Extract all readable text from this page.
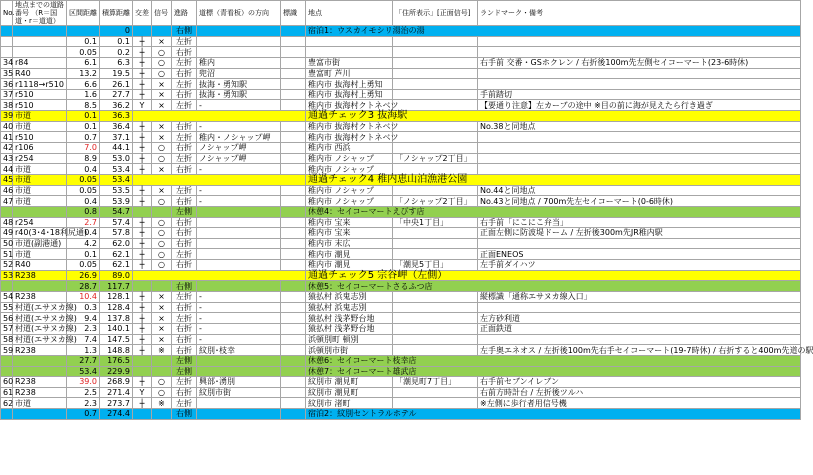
No.	地点までの道路番号 （R＝国道・r＝道道）	区間距離	積算距離	交差	信号	進路	道標（青看板）の方向	標識	地点	「住所表示」[正面信号]	ランドマーク・備考	
			0			右側			宿泊1：ウスカイモシリ湯治の湯			
		0.1	0.1	┼	×	左折						
		0.05	0.2	┼	○	右折						
34	r84	6.1	6.3	┼	○	左折	稚内		豊富市街		右手前 交番・GSホクレン / 右折後100m先左側セイコーマート(23-6時休)	
35	R40	13.2	19.5	┼	○	右折	兜沼		豊富町 芦川			
36	r1118→r510	6.6	26.1	┼	×	左折	抜海・勇知駅		稚内市 抜海村上勇知			
37	r510	1.6	27.7	┼	×	右折	抜海・勇知駅		稚内市 抜海村上勇知		手前踏切	
38	r510	8.5	36.2	Y	×	左折	-		稚内市 抜海村クトネベツ		【要通り注意】左カーブの途中 ※目の前に海が見えたら行き過ぎ	
39	市道	0.1	36.3						通過チェック3 抜海駅	
40	市道	0.1	36.4	┼	×	右折	-		稚内市 抜海村クトネベツ		No.38と同地点	
41	r510	0.7	37.1	┼	×	左折	稚内・ノシャップ岬		稚内市 抜海村クトネベツ			
42	r106	7.0	44.1	┼	○	右折	ノシャップ岬		稚内市 西浜			
43	r254	8.9	53.0	┼	○	左折	ノシャップ岬		稚内市 ノシャップ	「ノシャップ2丁目」		
44	市道	0.4	53.4	┼	×	右折	-		稚内市 ノシャップ			
45	市道	0.05	53.4						通過チェック4 稚内恵山泊漁港公園	
46	市道	0.05	53.5	┼	×	左折	-		稚内市 ノシャップ		No.44と同地点	
47	市道	0.4	53.9	┼	○	右折	-		稚内市 ノシャップ	「ノシャップ2丁目」	No.43と同地点 / 700m先左セイコーマート(0-6時休)	
		0.8	54.7			左側			休憩4：セイコーマートえびす店			
48	r254	2.7	57.4	┼	○	右折			稚内市 宝来	「中央1丁目」	右手前「にこにこ弁当」	
49	r40(3･4･18利尻通)	0.4	57.8	┼	○	右折			稚内市 宝来		正面左側に防波堤ドーム / 左折後300m先JR稚内駅	
50	市道(副港通)	4.2	62.0	┼	○	右折			稚内市 末広			
51	市道	0.1	62.1	┼	○	左折			稚内市 潮見		正面ENEOS	
52	R40	0.05	62.1	┼	○	右折			稚内市 潮見	「潮見5丁目」	左手前ダイハツ	
53	R238	26.9	89.0						通過チェック5 宗谷岬（左側）	
		28.7	117.7			右側			休憩5：セイコーマートさるふつ店			
54	R238	10.4	128.1	┼	×	左折	-		猿払村 浜鬼志別		縦標識「通称エサヌカ線入口」	
55	村道(エサヌカ線)	0.3	128.4	┼	×	右折	-		猿払村 浜鬼志別			
56	村道(エサヌカ線)	9.4	137.8	┼	×	左折	-		猿払村 浅茅野台地		左方砂利道	
57	村道(エサヌカ線)	2.3	140.1	┼	×	右折	-		猿払村 浅茅野台地		正面鉄道	
58	村道(エサヌカ線)	7.4	147.5	┼	×	右折	-		浜頓別町 頓別			
59	R238	1.3	148.8	┼	※	右折	紋別･枝幸		浜頓別市街		左手奥エネオス / 左折後100m先右手セイコーマート(19-7時休) / 右折すると400m先道の駅	
		27.7	176.5			左側			休憩6：セイコーマート枝幸店			
		53.4	229.9			左側			休憩7：セイコーマート雄武店			
60	R238	39.0	268.9	┼	○	左折	興部･湧別		紋別市 潮見町	「潮見町7丁目」	右手前セブンイレブン	
61	R238	2.5	271.4	Y	○	右折	紋別市街		紋別市 潮見町		右前方時計台 / 左折後ツルハ	
62	市道	2.3	273.7	┼	※	左折			紋別市 渚町		※左側に歩行者用信号機	
		0.7	274.4			右側			宿泊2：紋別セントラルホテル			
